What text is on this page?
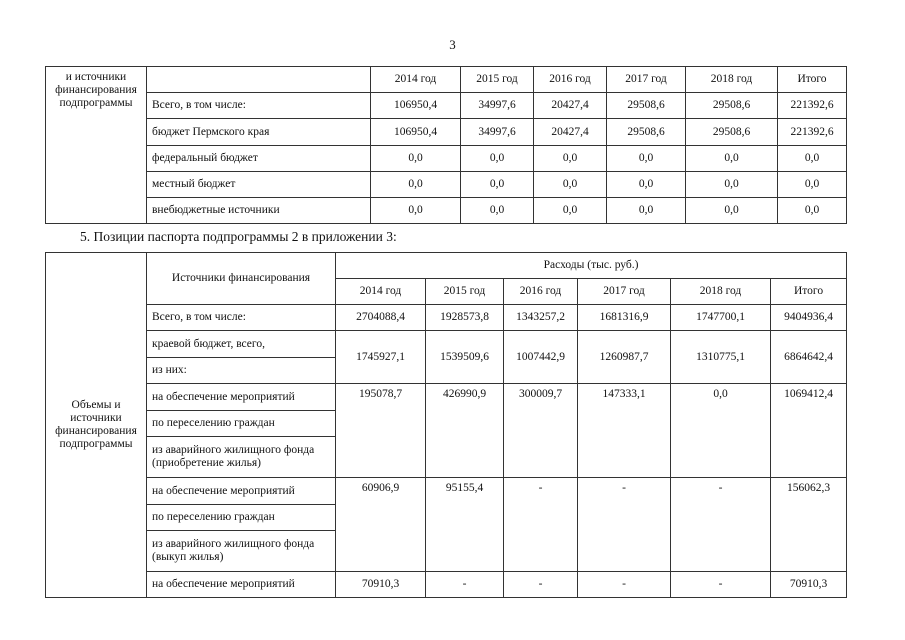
3
и источники финансирования подпрограммы		2014 год	2015 год	2016 год	2017 год	2018 год	Итого
	Всего, в том числе:	106950,4	34997,6	20427,4	29508,6	29508,6	221392,6
	бюджет Пермского края	106950,4	34997,6	20427,4	29508,6	29508,6	221392,6
	федеральный бюджет	0,0	0,0	0,0	0,0	0,0	0,0
	местный бюджет	0,0	0,0	0,0	0,0	0,0	0,0
	внебюджетные источники	0,0	0,0	0,0	0,0	0,0	0,0
5. Позиции паспорта подпрограммы 2 в приложении 3:
Объемы и источники финансирования подпрограммы	Источники финансирования	Расходы (тыс. руб.)					
		2014 год	2015 год	2016 год	2017 год	2018 год	Итого
	Всего, в том числе:	2704088,4	1928573,8	1343257,2	1681316,9	1747700,1	9404936,4
	краевой бюджет, всего,	1745927,1	1539509,6	1007442,9	1260987,7	1310775,1	6864642,4
	из них:						
	на обеспечение мероприятий	195078,7	426990,9	300009,7	147333,1	0,0	1069412,4
	по переселению граждан						
	из аварийного жилищного фонда (приобретение жилья)						
	на обеспечение мероприятий	60906,9	95155,4	-	-	-	156062,3
	по переселению граждан						
	из аварийного жилищного фонда (выкуп жилья)						
	на обеспечение мероприятий	70910,3	-	-	-	-	70910,3
